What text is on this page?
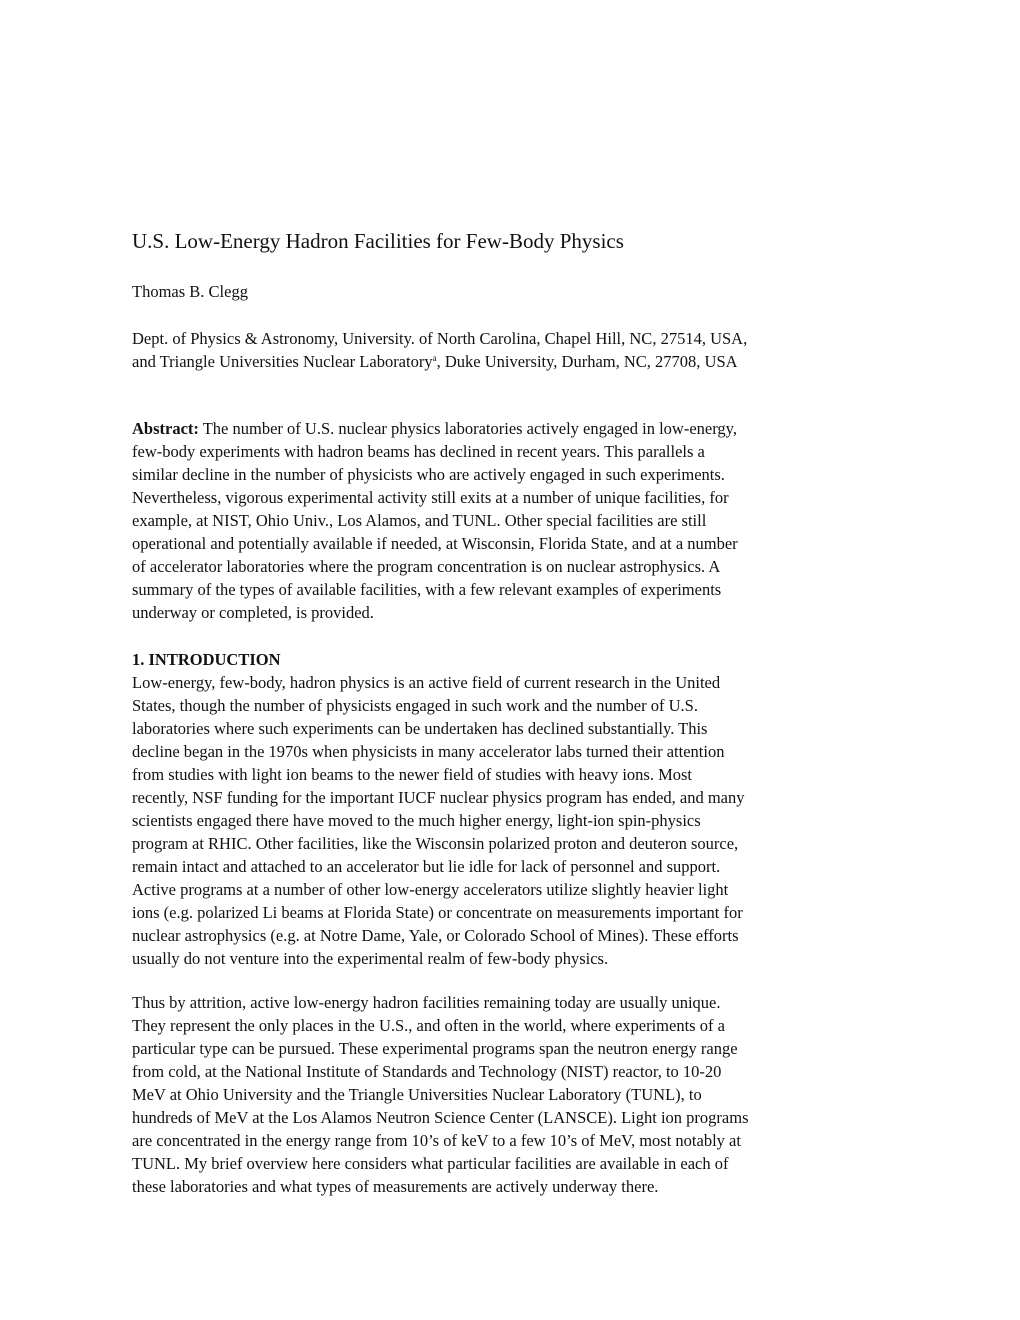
U.S. Low-Energy Hadron Facilities for Few-Body Physics
Thomas B. Clegg
Dept. of Physics & Astronomy, University. of North Carolina, Chapel Hill, NC, 27514, USA,
and Triangle Universities Nuclear Laboratory$^a$, Duke University, Durham, NC, 27708, USA
Abstract: The number of U.S. nuclear physics laboratories actively engaged in low-energy,
few-body experiments with hadron beams has declined in recent years. This parallels a
similar decline in the number of physicists who are actively engaged in such experiments.
Nevertheless, vigorous experimental activity still exits at a number of unique facilities, for
example, at NIST, Ohio Univ., Los Alamos, and TUNL. Other special facilities are still
operational and potentially available if needed, at Wisconsin, Florida State, and at a number
of accelerator laboratories where the program concentration is on nuclear astrophysics. A
summary of the types of available facilities, with a few relevant examples of experiments
underway or completed, is provided.
1. INTRODUCTION
Low-energy, few-body, hadron physics is an active field of current research in the United
States, though the number of physicists engaged in such work and the number of U.S.
laboratories where such experiments can be undertaken has declined substantially. This
decline began in the 1970s when physicists in many accelerator labs turned their attention
from studies with light ion beams to the newer field of studies with heavy ions. Most
recently, NSF funding for the important IUCF nuclear physics program has ended, and many
scientists engaged there have moved to the much higher energy, light-ion spin-physics
program at RHIC. Other facilities, like the Wisconsin polarized proton and deuteron source,
remain intact and attached to an accelerator but lie idle for lack of personnel and support.
Active programs at a number of other low-energy accelerators utilize slightly heavier light
ions (e.g. polarized Li beams at Florida State) or concentrate on measurements important for
nuclear astrophysics (e.g. at Notre Dame, Yale, or Colorado School of Mines). These efforts
usually do not venture into the experimental realm of few-body physics.
Thus by attrition, active low-energy hadron facilities remaining today are usually unique.
They represent the only places in the U.S., and often in the world, where experiments of a
particular type can be pursued. These experimental programs span the neutron energy range
from cold, at the National Institute of Standards and Technology (NIST) reactor, to 10-20
MeV at Ohio University and the Triangle Universities Nuclear Laboratory (TUNL), to
hundreds of MeV at the Los Alamos Neutron Science Center (LANSCE). Light ion programs
are concentrated in the energy range from 10’s of keV to a few 10’s of MeV, most notably at
TUNL. My brief overview here considers what particular facilities are available in each of
these laboratories and what types of measurements are actively underway there.
